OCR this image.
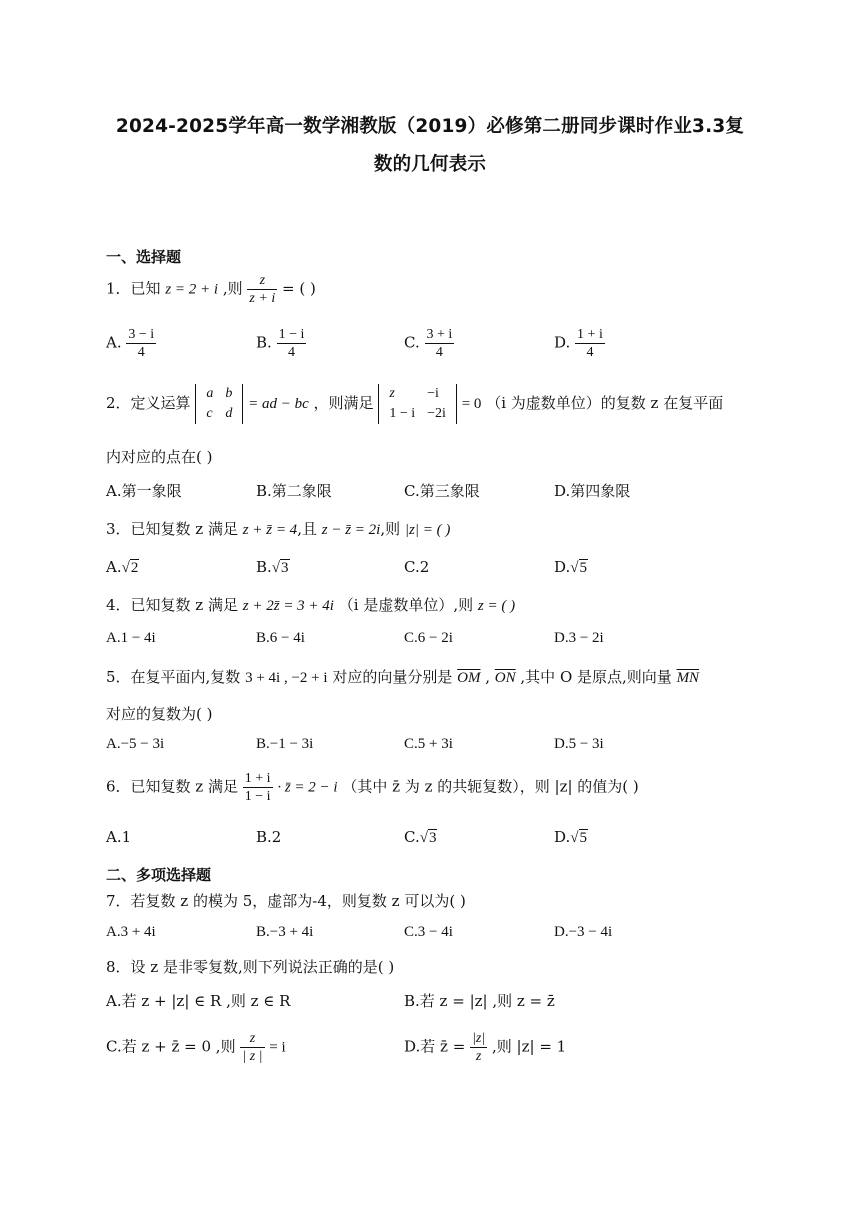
2024-2025学年高一数学湘教版（2019）必修第二册同步课时作业3.3复
数的几何表示
一、选择题
1．已知 z = 2 + i ,则 $\frac{z}{z + i}$ = ( )
A. $\frac{3 - i}{4}$	B. $\frac{1 - i}{4}$	C. $\frac{3 + i}{4}$	D. $\frac{1 + i}{4}$
2．定义运算
a	b
c	d
= ad − bc ，则满足
z	−i
1 − i	−2i
= 0 （i 为虚数单位）的复数 z 在复平面
内对应的点在( )
A.第一象限	B.第二象限	C.第三象限	D.第四象限
3．已知复数 z 满足 z + z̄ = 4,且 z − z̄ = 2i,则 |z| = ( )
A.√2	B.√3	C.2	D.√5
4．已知复数 z 满足 z + 2z̄ = 3 + 4i （i 是虚数单位）,则 z = ( )
A.1 − 4i	B.6 − 4i	C.6 − 2i	D.3 − 2i
5．在复平面内,复数 3 + 4i , −2 + i 对应的向量分别是 $\overline{OM}$ , $\overline{ON}$ ,其中 O 是原点,则向量 $\overline{MN}$
对应的复数为( )
A.−5 − 3i	B.−1 − 3i	C.5 + 3i	D.5 − 3i
6．已知复数 z 满足 $\frac{1 + i}{1 - i}$ · z̄ = 2 − i （其中 z̄ 为 z 的共轭复数），则 |z| 的值为( )
A.1	B.2	C.√3	D.√5
二、多项选择题
7．若复数 z 的模为 5，虚部为-4，则复数 z 可以为( )
A.3 + 4i	B.−3 + 4i	C.3 − 4i	D.−3 − 4i
8．设 z 是非零复数,则下列说法正确的是( )
A.若 z + |z| ∈ R ,则 z ∈ R	B.若 z = |z| ,则 z = z̄
C.若 z + z̄ = 0 ,则 $\frac{z}{| z |} = i$	D.若 z̄ = $\frac{|z|}{z}$ ,则 |z| = 1
